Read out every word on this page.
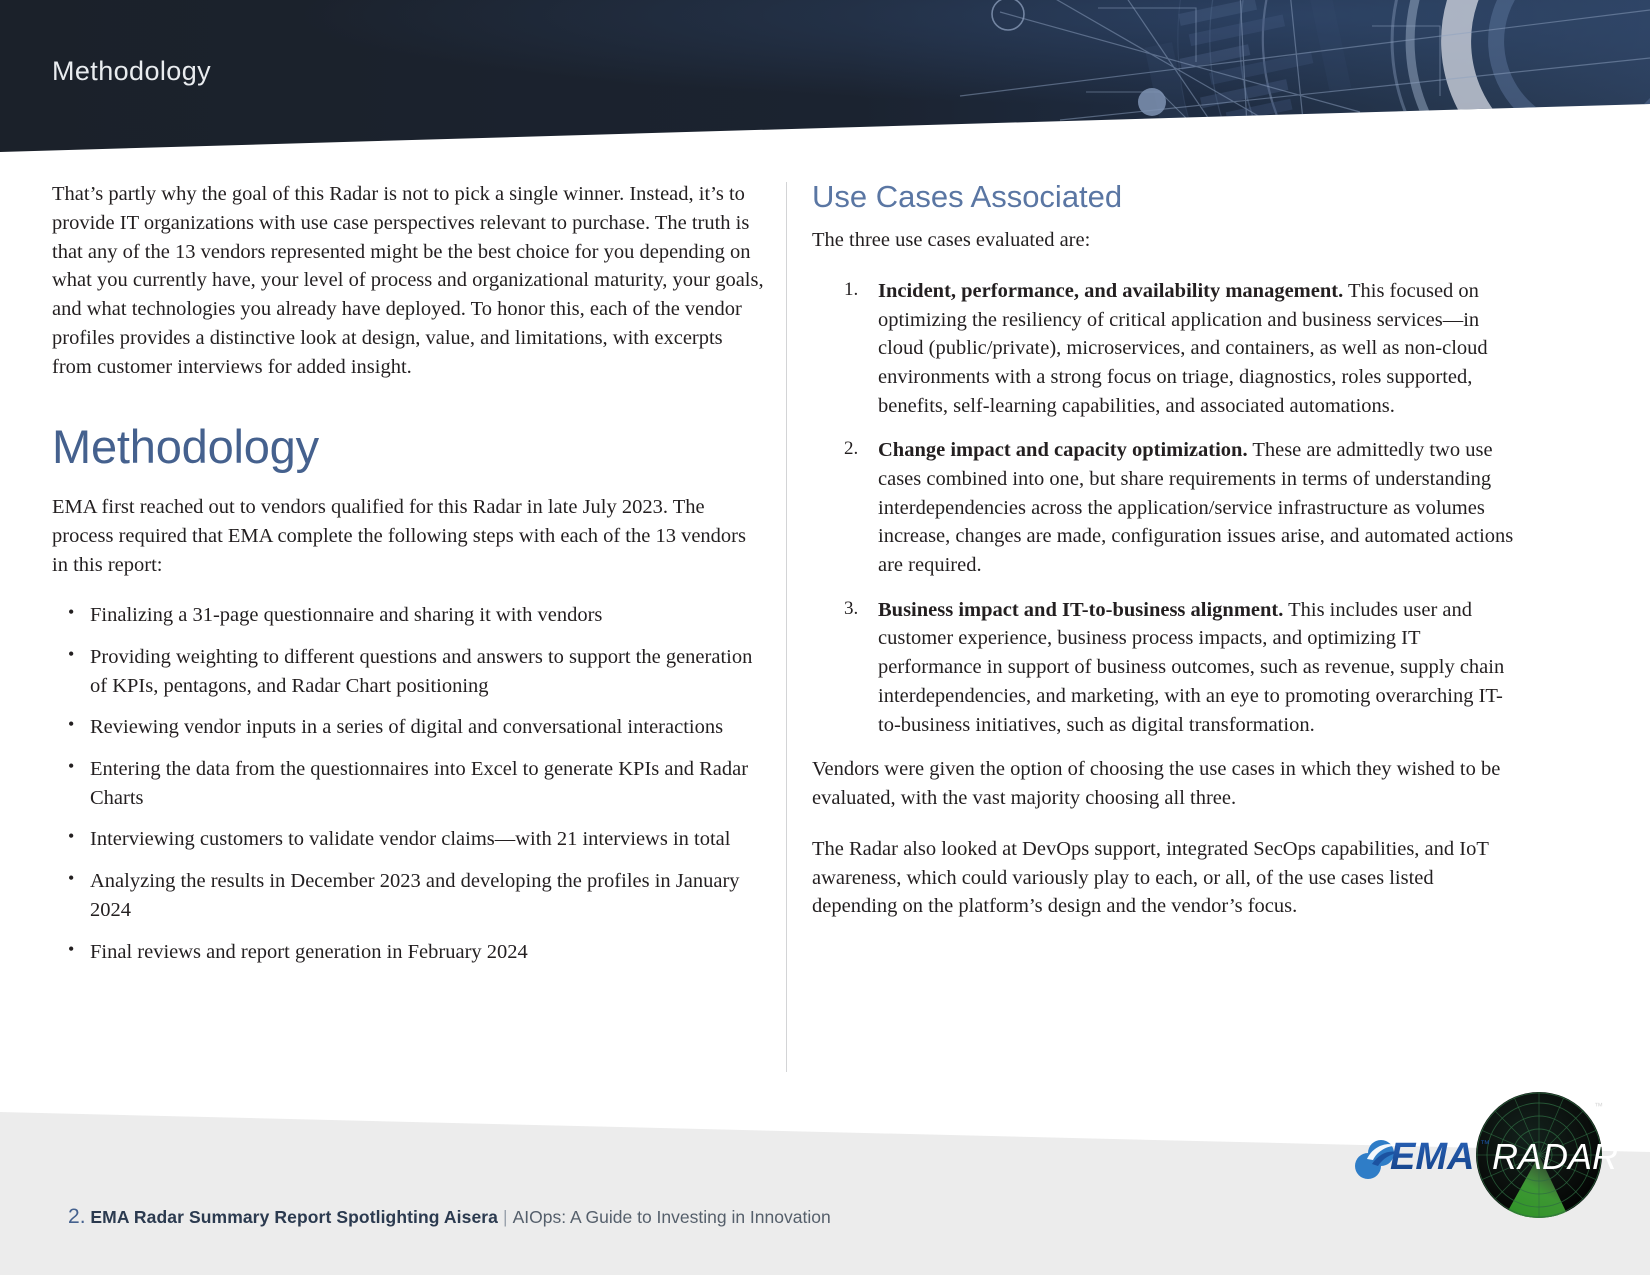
Methodology

That’s partly why the goal of this Radar is not to pick a single winner. Instead, it’s to provide IT organizations with use case perspectives relevant to purchase. The truth is that any of the 13 vendors represented might be the best choice for you depending on what you currently have, your level of process and organizational maturity, your goals, and what technologies you already have deployed. To honor this, each of the vendor profiles provides a distinctive look at design, value, and limitations, with excerpts from customer interviews for added insight.

Methodology

EMA first reached out to vendors qualified for this Radar in late July 2023. The process required that EMA complete the following steps with each of the 13 vendors in this report:

• Finalizing a 31-page questionnaire and sharing it with vendors
• Providing weighting to different questions and answers to support the generation of KPIs, pentagons, and Radar Chart positioning
• Reviewing vendor inputs in a series of digital and conversational interactions
• Entering the data from the questionnaires into Excel to generate KPIs and Radar Charts
• Interviewing customers to validate vendor claims—with 21 interviews in total
• Analyzing the results in December 2023 and developing the profiles in January 2024
• Final reviews and report generation in February 2024
Use Cases Associated

The three use cases evaluated are:

1. Incident, performance, and availability management. This focused on optimizing the resiliency of critical application and business services—in cloud (public/private), microservices, and containers, as well as non-cloud environments with a strong focus on triage, diagnostics, roles supported, benefits, self-learning capabilities, and associated automations.
2. Change impact and capacity optimization. These are admittedly two use cases combined into one, but share requirements in terms of understanding interdependencies across the application/service infrastructure as volumes increase, changes are made, configuration issues arise, and automated actions are required.
3. Business impact and IT-to-business alignment. This includes user and customer experience, business process impacts, and optimizing IT performance in support of business outcomes, such as revenue, supply chain interdependencies, and marketing, with an eye to promoting overarching IT-to-business initiatives, such as digital transformation.

Vendors were given the option of choosing the use cases in which they wished to be evaluated, with the vast majority choosing all three.

The Radar also looked at DevOps support, integrated SecOps capabilities, and IoT awareness, which could variously play to each, or all, of the use cases listed depending on the platform’s design and the vendor’s focus.

2. EMA Radar Summary Report Spotlighting Aisera | AIOps: A Guide to Investing in Innovation
EMA ™ RADAR
™
